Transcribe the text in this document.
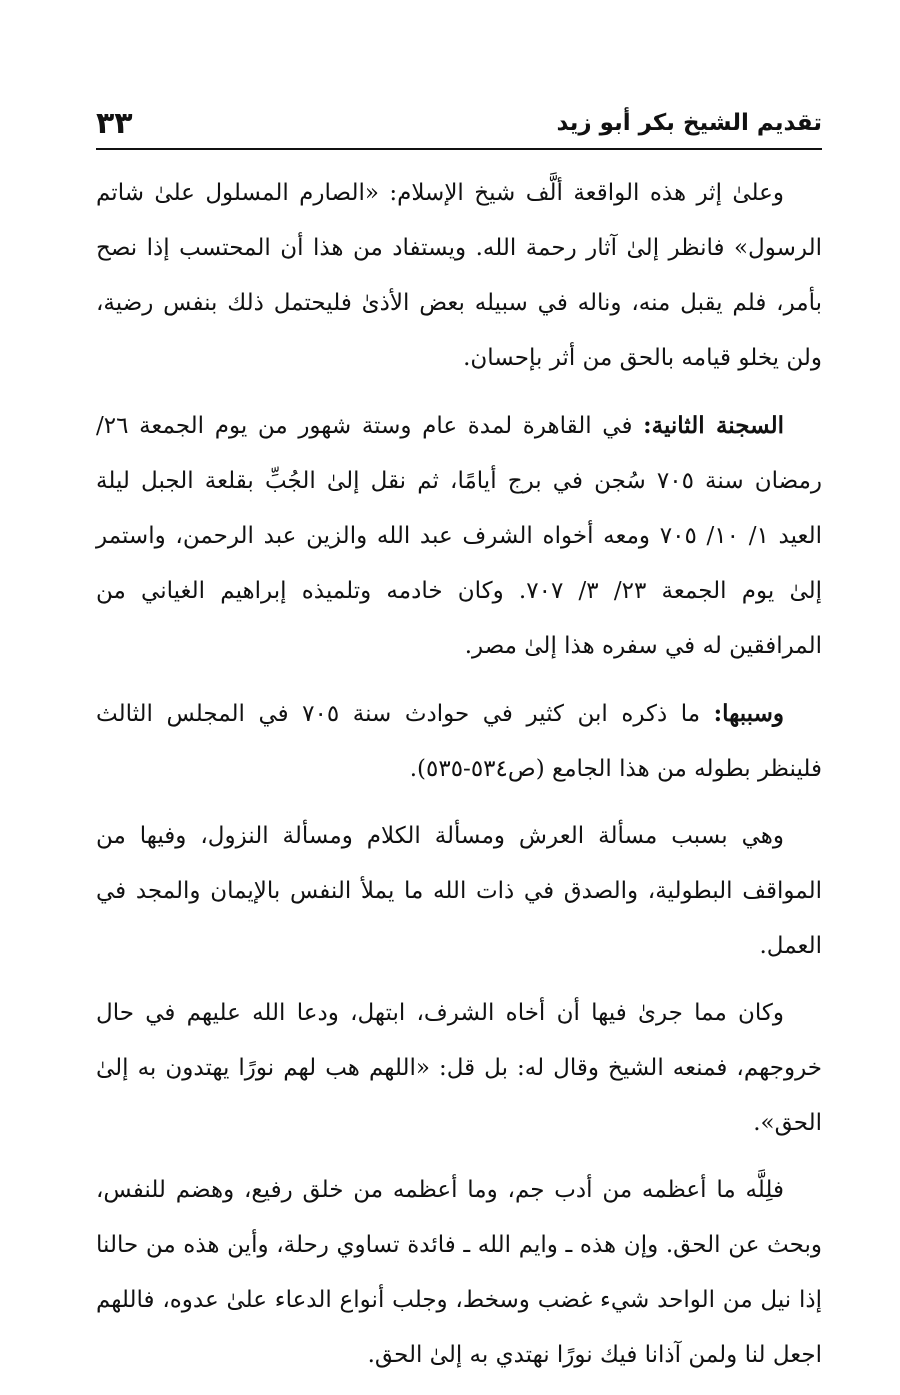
تقديم الشيخ بكر أبو زيد
٣٣

وعلىٰ إثر هذه الواقعة ألَّف شيخ الإسلام: «الصارم المسلول علىٰ شاتم الرسول» فانظر إلىٰ آثار رحمة الله. ويستفاد من هذا أن المحتسب إذا نصح بأمر، فلم يقبل منه، وناله في سبيله بعض الأذىٰ فليحتمل ذلك بنفس رضية، ولن يخلو قيامه بالحق من أثر بإحسان.

السجنة الثانية: في القاهرة لمدة عام وستة شهور من يوم الجمعة ٢٦/ رمضان سنة ٧٠٥ سُجن في برج أيامًا، ثم نقل إلىٰ الجُبِّ بقلعة الجبل ليلة العيد ١/ ١٠/ ٧٠٥ ومعه أخواه الشرف عبد الله والزين عبد الرحمن، واستمر إلىٰ يوم الجمعة ٢٣/ ٣/ ٧٠٧. وكان خادمه وتلميذه إبراهيم الغياني من المرافقين له في سفره هذا إلىٰ مصر.

وسببها: ما ذكره ابن كثير في حوادث سنة ٧٠٥ في المجلس الثالث فلينظر بطوله من هذا الجامع (ص٥٣٤-٥٣٥).

وهي بسبب مسألة العرش ومسألة الكلام ومسألة النزول، وفيها من المواقف البطولية، والصدق في ذات الله ما يملأ النفس بالإيمان والمجد في العمل.

وكان مما جرىٰ فيها أن أخاه الشرف، ابتهل، ودعا الله عليهم في حال خروجهم، فمنعه الشيخ وقال له: بل قل: «اللهم هب لهم نورًا يهتدون به إلىٰ الحق».

فلِلَّه ما أعظمه من أدب جم، وما أعظمه من خلق رفيع، وهضم للنفس، وبحث عن الحق. وإن هذه ـ وايم الله ـ فائدة تساوي رحلة، وأين هذه من حالنا إذا نيل من الواحد شيء غضب وسخط، وجلب أنواع الدعاء علىٰ عدوه، فاللهم اجعل لنا ولمن آذانا فيك نورًا نهتدي به إلىٰ الحق.
